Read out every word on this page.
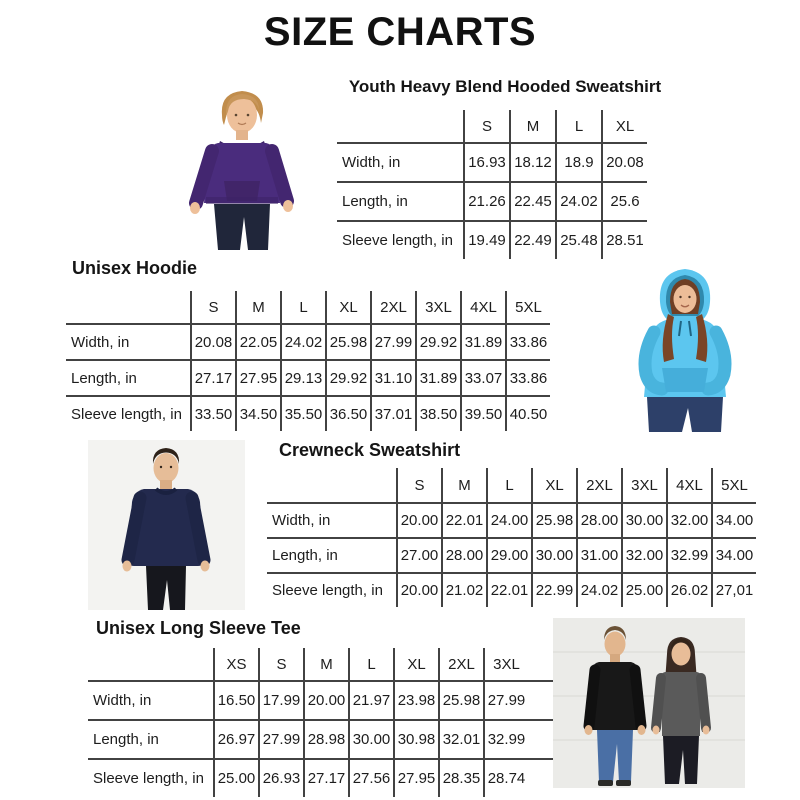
SIZE CHARTS
Youth Heavy Blend Hooded Sweatshirt
	S	M	L	XL
Width, in	16.93	18.12	18.9	20.08
Length, in	21.26	22.45	24.02	25.6
Sleeve length, in	19.49	22.49	25.48	28.51
Unisex Hoodie
	S	M	L	XL	2XL	3XL	4XL	5XL
Width, in	20.08	22.05	24.02	25.98	27.99	29.92	31.89	33.86
Length, in	27.17	27.95	29.13	29.92	31.10	31.89	33.07	33.86
Sleeve length, in	33.50	34.50	35.50	36.50	37.01	38.50	39.50	40.50
Crewneck Sweatshirt
	S	M	L	XL	2XL	3XL	4XL	5XL
Width, in	20.00	22.01	24.00	25.98	28.00	30.00	32.00	34.00
Length, in	27.00	28.00	29.00	30.00	31.00	32.00	32.99	34.00
Sleeve length, in	20.00	21.02	22.01	22.99	24.02	25.00	26.02	27,01
Unisex Long Sleeve Tee
	XS	S	M	L	XL	2XL	3XL	
Width, in	16.50	17.99	20.00	21.97	23.98	25.98	27.99	
Length, in	26.97	27.99	28.98	30.00	30.98	32.01	32.99	
Sleeve length, in	25.00	26.93	27.17	27.56	27.95	28.35	28.74	
